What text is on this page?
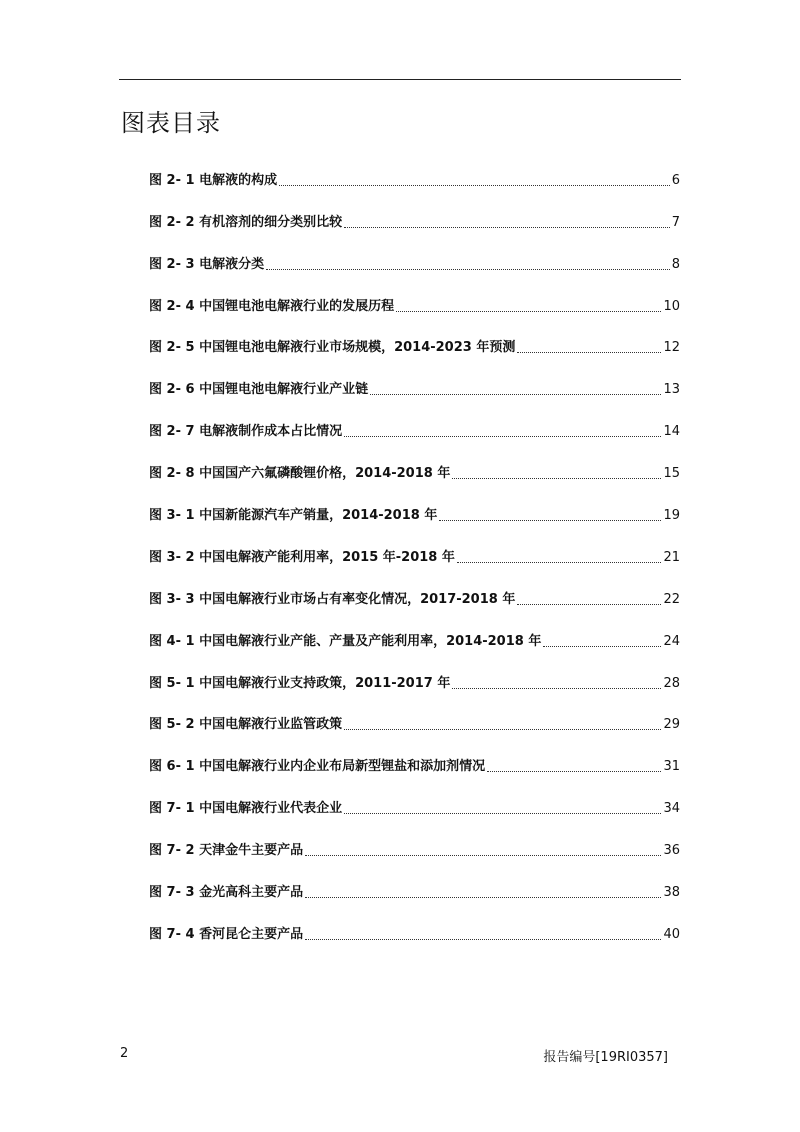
图表目录
图 2- 1 电解液的构成	6
图 2- 2 有机溶剂的细分类别比较	7
图 2- 3 电解液分类	8
图 2- 4 中国锂电池电解液行业的发展历程	10
图 2- 5 中国锂电池电解液行业市场规模，2014-2023 年预测	12
图 2- 6 中国锂电池电解液行业产业链	13
图 2- 7 电解液制作成本占比情况	14
图 2- 8 中国国产六氟磷酸锂价格，2014-2018 年	15
图 3- 1 中国新能源汽车产销量，2014-2018 年	19
图 3- 2 中国电解液产能利用率，2015 年-2018 年	21
图 3- 3 中国电解液行业市场占有率变化情况，2017-2018 年	22
图 4- 1 中国电解液行业产能、产量及产能利用率，2014-2018 年	24
图 5- 1 中国电解液行业支持政策，2011-2017 年	28
图 5- 2 中国电解液行业监管政策	29
图 6- 1 中国电解液行业内企业布局新型锂盐和添加剂情况	31
图 7- 1 中国电解液行业代表企业	34
图 7- 2 天津金牛主要产品	36
图 7- 3 金光高科主要产品	38
图 7- 4 香河昆仑主要产品	40
2	报告编号[19RI0357]
